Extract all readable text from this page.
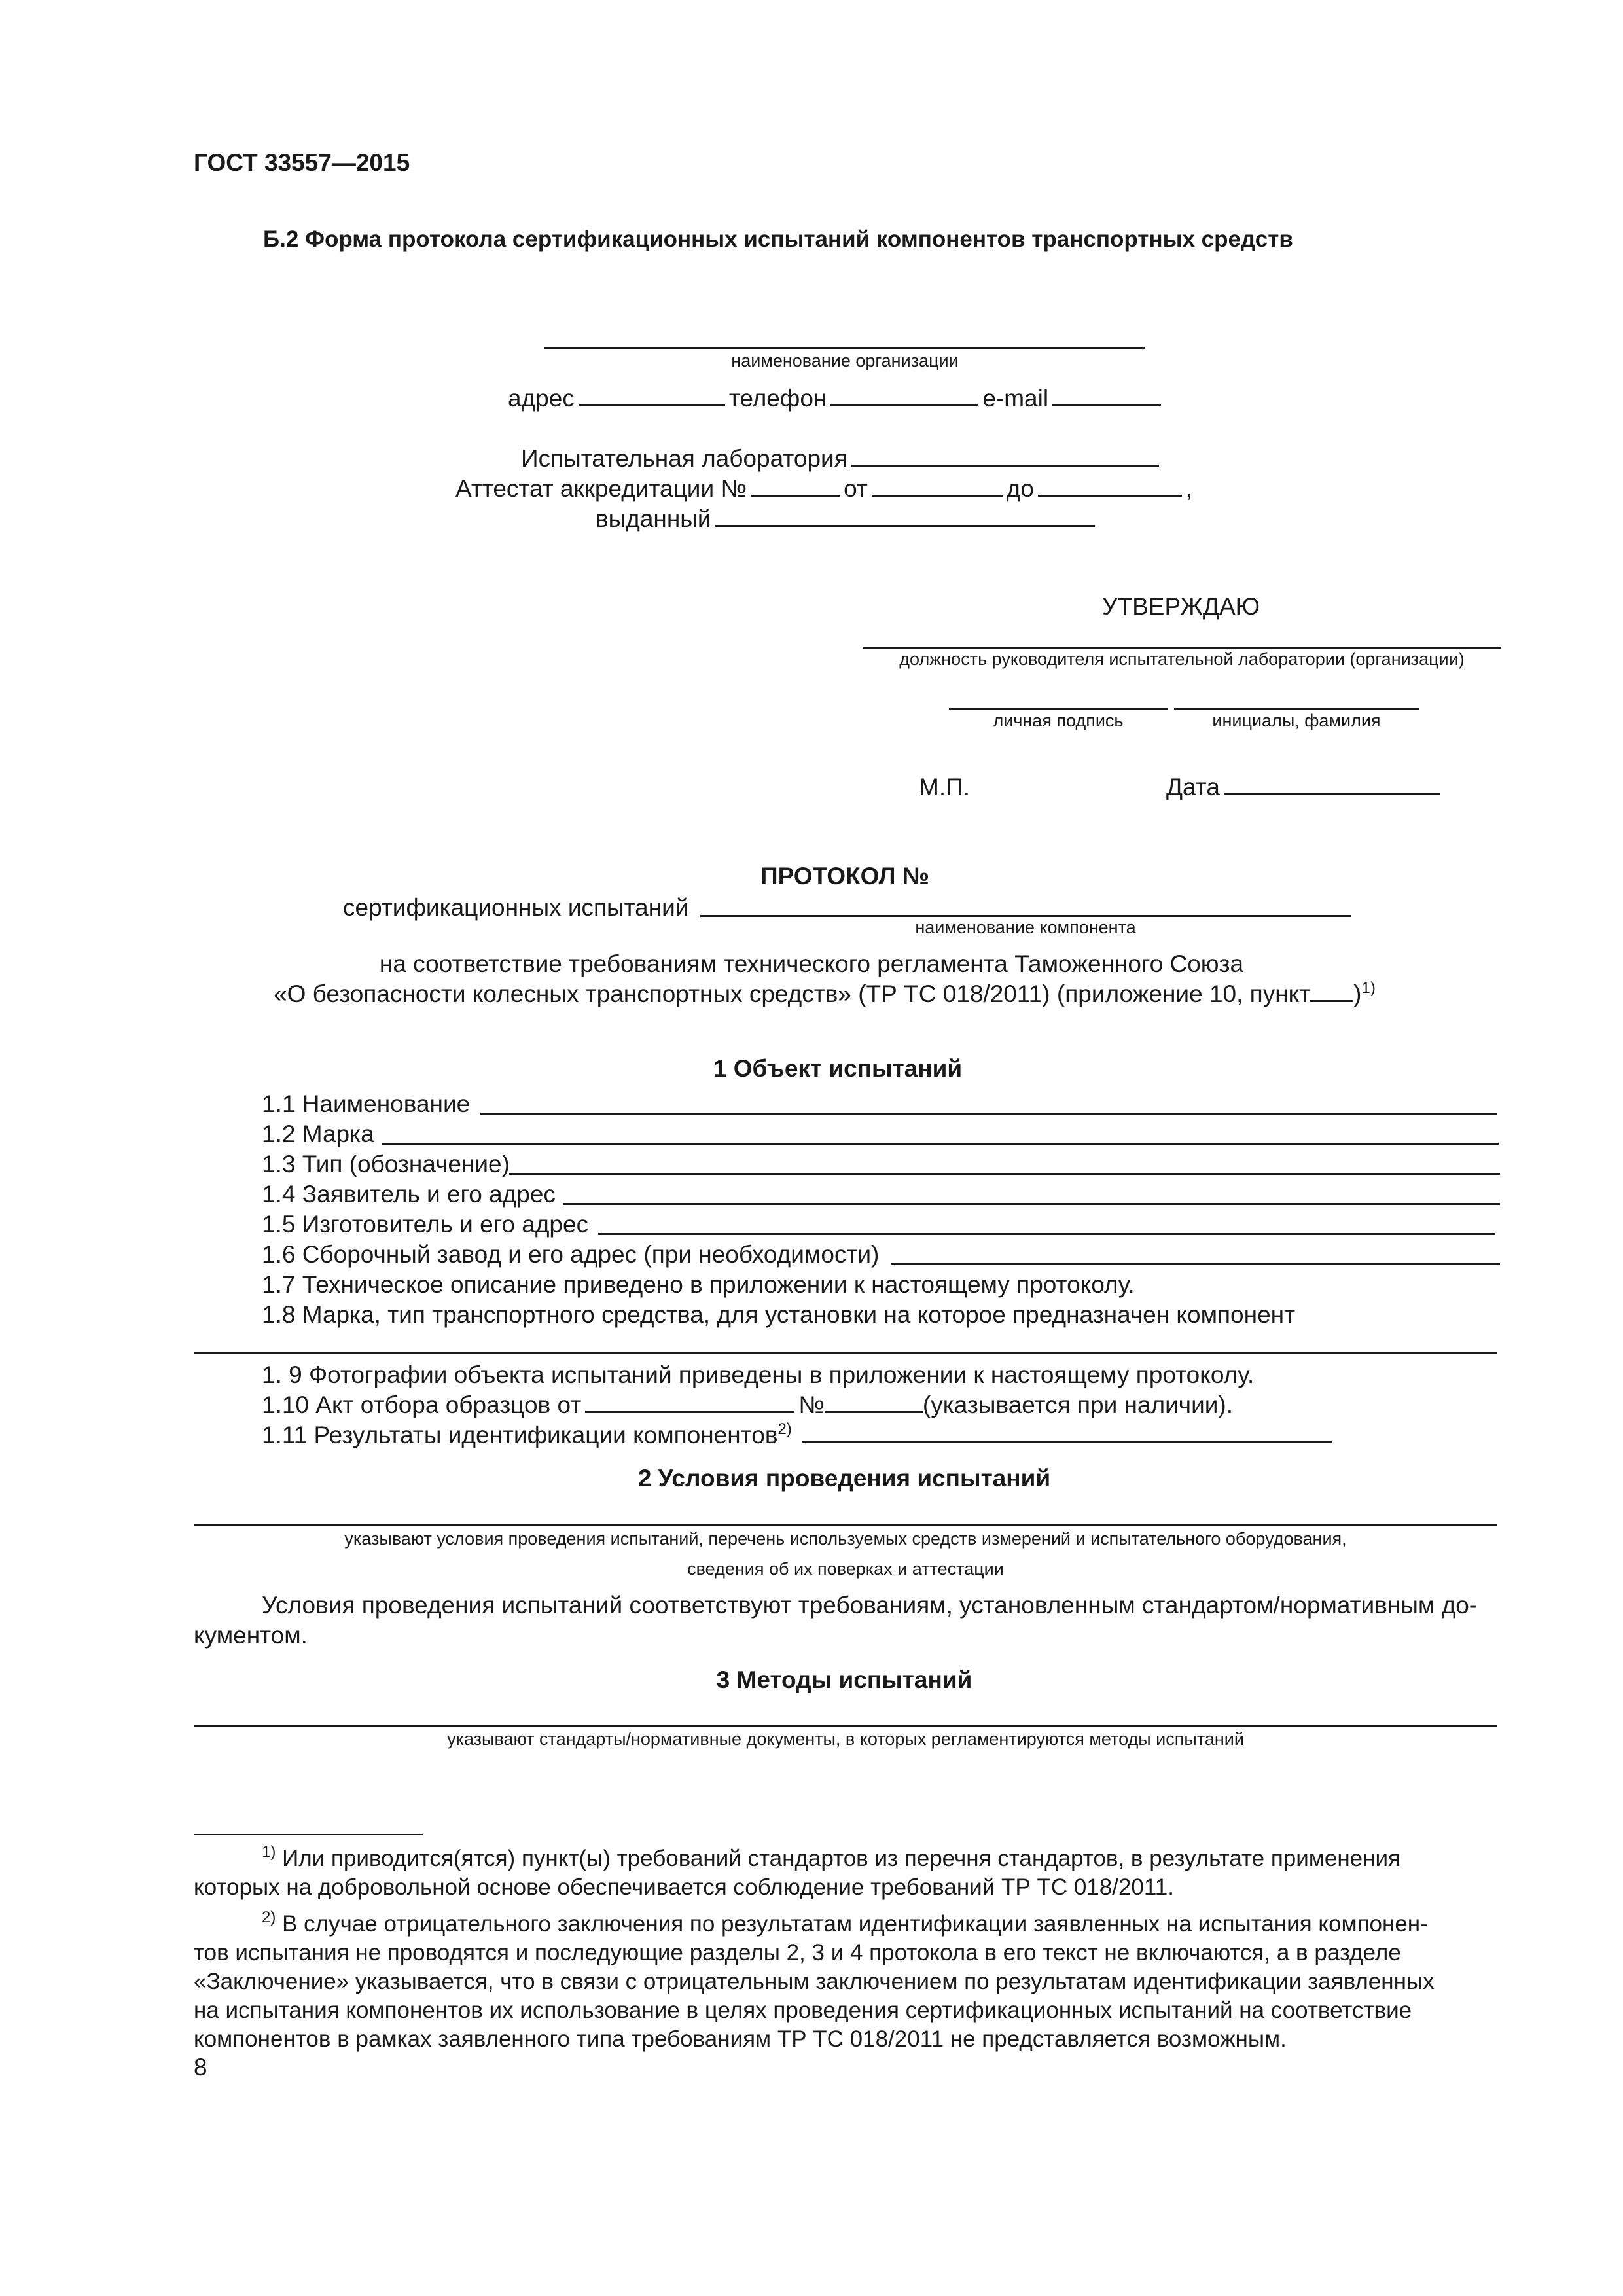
ГОСТ 33557—2015
Б.2 Форма протокола сертификационных испытаний компонентов транспортных средств
наименование организации
адрес	телефон	e-mail
Испытательная лаборатория
Аттестат аккредитации №	от	до	,
выданный
УТВЕРЖДАЮ
должность руководителя испытательной лаборатории (организации)
личная подпись	инициалы, фамилия
М.П.	Дата
ПРОТОКОЛ №
сертификационных испытаний
наименование компонента
на соответствие требованиям технического регламента Таможенного Союза
«О безопасности колесных транспортных средств» (ТР ТС 018/2011) (приложение 10, пункт )$^{1)}$
1 Объект испытаний
1.1 Наименование
1.2 Марка
1.3 Тип (обозначение)
1.4 Заявитель и его адрес
1.5 Изготовитель и его адрес
1.6 Сборочный завод и его адрес (при необходимости)
1.7 Техническое описание приведено в приложении к настоящему протоколу.
1.8 Марка, тип транспортного средства, для установки на которое предназначен компонент
1. 9 Фотографии объекта испытаний приведены в приложении к настоящему протоколу.
1.10 Акт отбора образцов от	№	(указывается при наличии).
1.11 Результаты идентификации компонентов$^{2)}$
2 Условия проведения испытаний
указывают условия проведения испытаний, перечень используемых средств измерений и испытательного оборудования,
сведения об их поверках и аттестации
Условия проведения испытаний соответствуют требованиям, установленным стандартом/нормативным до-
кументом.
3 Методы испытаний
указывают стандарты/нормативные документы, в которых регламентируются методы испытаний
$^{1)}$ Или приводится(ятся) пункт(ы) требований стандартов из перечня стандартов, в результате применения
которых на добровольной основе обеспечивается соблюдение требований ТР ТС 018/2011.
$^{2)}$ В случае отрицательного заключения по результатам идентификации заявленных на испытания компонен-
тов испытания не проводятся и последующие разделы 2, 3 и 4 протокола в его текст не включаются, а в разделе
«Заключение» указывается, что в связи с отрицательным заключением по результатам идентификации заявленных
на испытания компонентов их использование в целях проведения сертификационных испытаний на соответствие
компонентов в рамках заявленного типа требованиям ТР ТС 018/2011 не представляется возможным.
8
